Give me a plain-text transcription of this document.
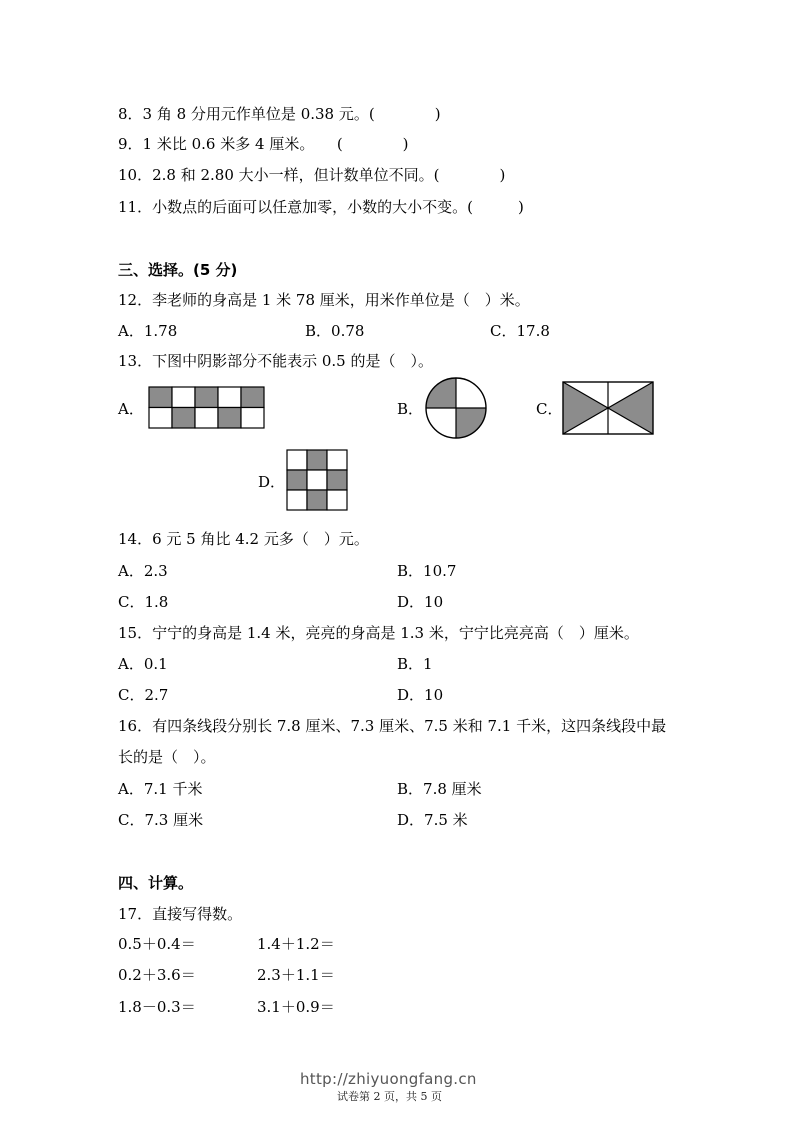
8．3 角 8 分用元作单位是 0.38 元。(　　　　)
9．1 米比 0.6 米多 4 厘米。　　(　　　　)
10．2.8 和 2.80 大小一样，但计数单位不同。(　　　　)
11．小数点的后面可以任意加零，小数的大小不变。(　　　)
三、选择。(5 分)
12．李老师的身高是 1 米 78 厘米，用米作单位是（　）米。
A．1.78	B．0.78	C．17.8
13．下图中阴影部分不能表示 0.5 的是（　）。
A．	B．	C．
D．
14．6 元 5 角比 4.2 元多（　）元。
A．2.3	B．10.7
C．1.8	D．10
15．宁宁的身高是 1.4 米，亮亮的身高是 1.3 米，宁宁比亮亮高（　）厘米。
A．0.1	B．1
C．2.7	D．10
16．有四条线段分别长 7.8 厘米、7.3 厘米、7.5 米和 7.1 千米，这四条线段中最
长的是（　）。
A．7.1 千米	B．7.8 厘米
C．7.3 厘米	D．7.5 米
四、计算。
17．直接写得数。
0.5＋0.4＝	1.4＋1.2＝
0.2＋3.6＝	2.3＋1.1＝
1.8－0.3＝	3.1＋0.9＝
http://zhiyuongfang.cn
试卷第 2 页，共 5 页
